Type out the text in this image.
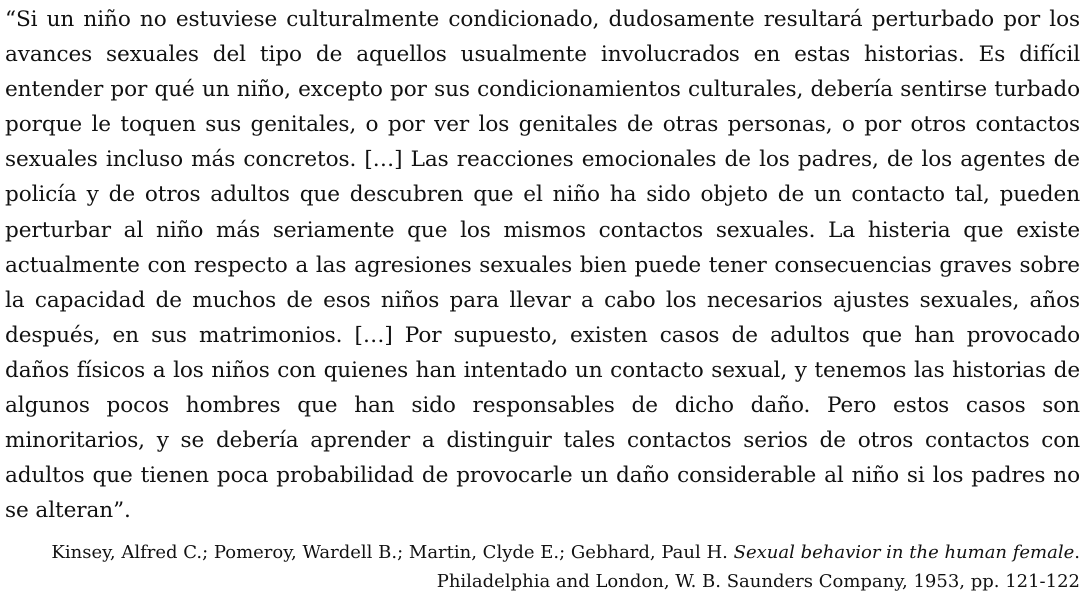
“Si un niño no estuviese culturalmente condicionado, dudosamente resultará perturbado por los avances sexuales del tipo de aquellos usualmente involucrados en estas historias. Es difícil entender por qué un niño, excepto por sus condicionamientos culturales, debería sentirse turbado porque le toquen sus genitales, o por ver los genitales de otras personas, o por otros contactos sexuales incluso más concretos. […] Las reacciones emocionales de los padres, de los agentes de policía y de otros adultos que descubren que el niño ha sido objeto de un contacto tal, pueden perturbar al niño más seriamente que los mismos contactos sexuales. La histeria que existe actualmente con respecto a las agresiones sexuales bien puede tener consecuencias graves sobre la capacidad de muchos de esos niños para llevar a cabo los necesarios ajustes sexuales, años después, en sus matrimonios. […] Por supuesto, existen casos de adultos que han provocado daños físicos a los niños con quienes han intentado un contacto sexual, y tenemos las historias de algunos pocos hombres que han sido responsables de dicho daño. Pero estos casos son minoritarios, y se debería aprender a distinguir tales contactos serios de otros contactos con adultos que tienen poca probabilidad de provocarle un daño considerable al niño si los padres no se alteran”.

Kinsey, Alfred C.; Pomeroy, Wardell B.; Martin, Clyde E.; Gebhard, Paul H. Sexual behavior in the human female.
Philadelphia and London, W. B. Saunders Company, 1953, pp. 121-122
